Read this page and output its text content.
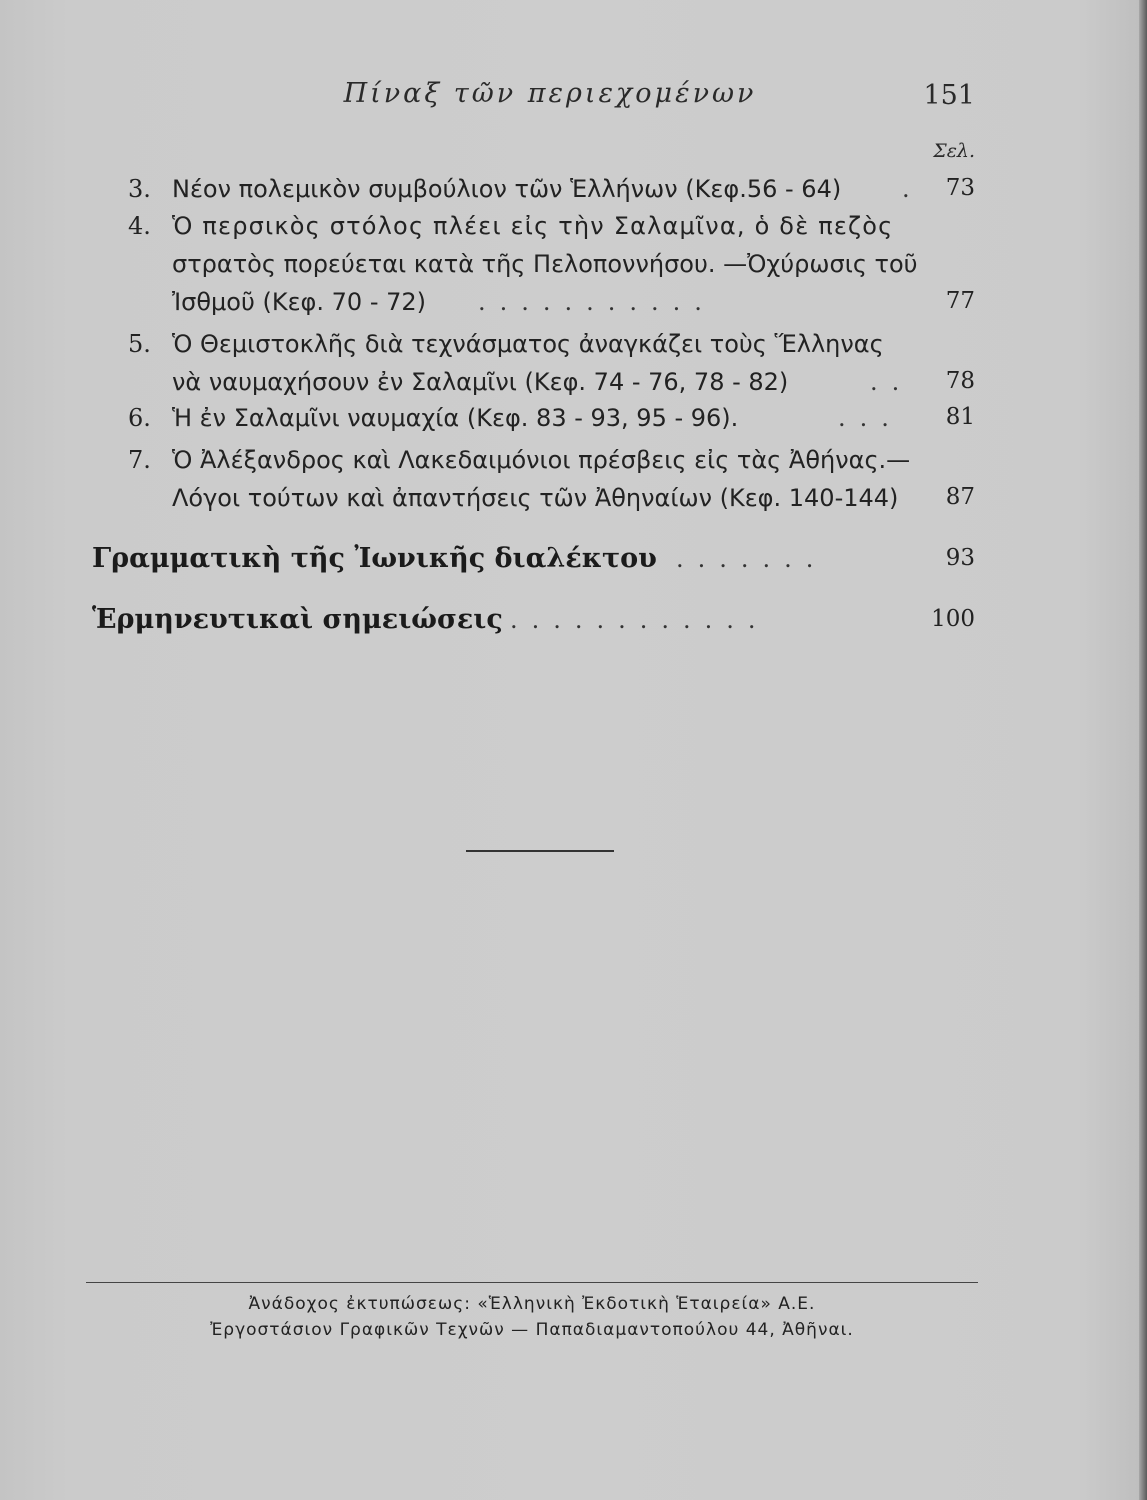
Πίναξ τῶν περιεχομένων	151
Σελ.
3. Νέον πολεμικὸν συμβούλιον τῶν Ἑλλήνων (Κεφ.56 - 64)	. 73
4. Ὁ περσικὸς στόλος πλέει εἰς τὴν Σαλαμῖνα, ὁ δὲ πεζὸς
στρατὸς πορεύεται κατὰ τῆς Πελοποννήσου. —Ὀχύρωσις τοῦ
Ἰσθμοῦ (Κεφ. 70 - 72) ...........	77
5. Ὁ Θεμιστοκλῆς διὰ τεχνάσματος ἀναγκάζει τοὺς Ἕλληνας
νὰ ναυμαχήσουν ἐν Σαλαμῖνι (Κεφ. 74 - 76, 78 - 82)	..	78
6. Ἡ ἐν Σαλαμῖνι ναυμαχία (Κεφ. 83 - 93, 95 - 96).	...	81
7. Ὁ Ἀλέξανδρος καὶ Λακεδαιμόνιοι πρέσβεις εἰς τὰς Ἀθήνας.—
Λόγοι τούτων καὶ ἀπαντήσεις τῶν Ἀθηναίων (Κεφ. 140-144)	87
Γραμματικὴ τῆς Ἰωνικῆς διαλέκτου .......	93
Ἑρμηνευτικαὶ σημειώσεις ............	100
Ἀνάδοχος ἐκτυπώσεως: «Ἑλληνικὴ Ἐκδοτικὴ Ἑταιρεία» Α.Ε.
Ἐργοστάσιον Γραφικῶν Τεχνῶν — Παπαδιαμαντοπούλου 44, Ἀθῆναι.
